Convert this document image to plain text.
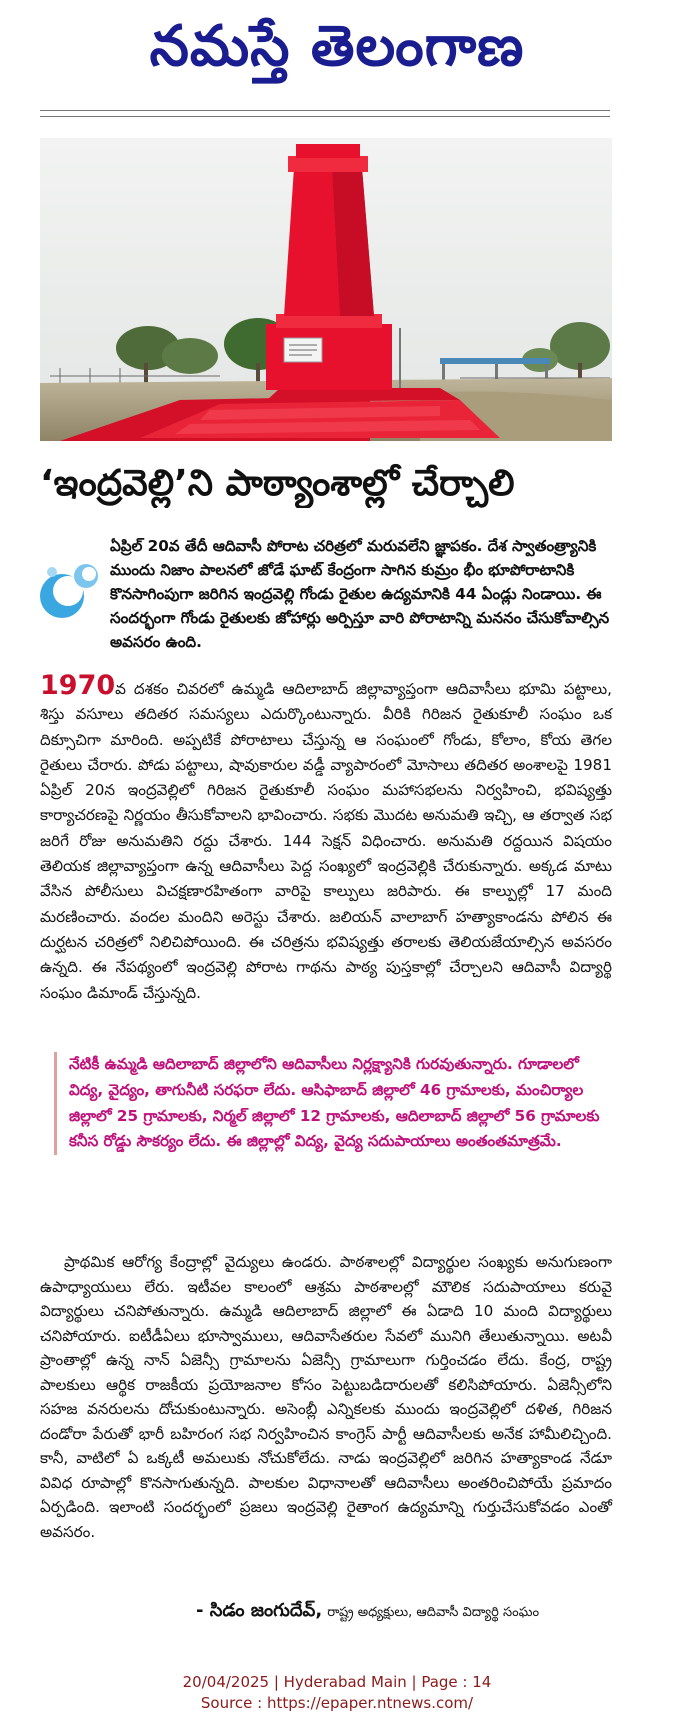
నమస్తే తెలంగాణ
‘ఇంద్రవెల్లి’ని పాఠ్యాంశాల్లో చేర్చాలి

ఏప్రిల్ 20వ తేదీ ఆదివాసీ పోరాట చరిత్రలో మరువలేని జ్ఞాపకం. దేశ స్వాతంత్ర్యానికి ముందు నిజాం పాలనలో జోడే ఘాట్ కేంద్రంగా సాగిన కుమ్రం భీం భూపోరాటానికి కొనసాగింపుగా జరిగిన ఇంద్రవెల్లి గోండు రైతుల ఉద్యమానికి 44 ఏండ్లు నిండాయి. ఈ సందర్భంగా గోండు రైతులకు జోహార్లు అర్పిస్తూ వారి పోరాటాన్ని మననం చేసుకోవాల్సిన అవసరం ఉంది.

1970వ దశకం చివరలో ఉమ్మడి ఆదిలాబాద్ జిల్లావ్యాప్తంగా ఆదివాసీలు భూమి పట్టాలు, శిస్తు వసూలు తదితర సమస్యలు ఎదుర్కొంటున్నారు. వీరికి గిరిజన రైతుకూలీ సంఘం ఒక దిక్సూచిగా మారింది. అప్పటికే పోరాటాలు చేస్తున్న ఆ సంఘంలో గోండు, కోలాం, కోయ తెగల రైతులు చేరారు. పోడు పట్టాలు, షావుకారుల వడ్డీ వ్యాపారంలో మోసాలు తదితర అంశాలపై 1981 ఏప్రిల్ 20న ఇంద్రవెల్లిలో గిరిజన రైతుకూలీ సంఘం మహాసభలను నిర్వహించి, భవిష్యత్తు కార్యాచరణపై నిర్ణయం తీసుకోవాలని భావించారు. సభకు మొదట అనుమతి ఇచ్చి, ఆ తర్వాత సభ జరిగే రోజు అనుమతిని రద్దు చేశారు. 144 సెక్షన్ విధించారు. అనుమతి రద్దయిన విషయం తెలియక జిల్లావ్యాప్తంగా ఉన్న ఆదివాసీలు పెద్ద సంఖ్యలో ఇంద్రవెల్లికి చేరుకున్నారు. అక్కడ మాటు వేసిన పోలీసులు విచక్షణారహితంగా వారిపై కాల్పులు జరిపారు. ఈ కాల్పుల్లో 17 మంది మరణించారు. వందల మందిని అరెస్టు చేశారు. జలియన్ వాలాబాగ్ హత్యాకాండను పోలిన ఈ దుర్ఘటన చరిత్రలో నిలిచిపోయింది. ఈ చరిత్రను భవిష్యత్తు తరాలకు తెలియజేయాల్సిన అవసరం ఉన్నది. ఈ నేపథ్యంలో ఇంద్రవెల్లి పోరాట గాథను పాఠ్య పుస్తకాల్లో చేర్చాలని ఆదివాసీ విద్యార్థి సంఘం డిమాండ్ చేస్తున్నది.

నేటికీ ఉమ్మడి ఆదిలాబాద్ జిల్లాలోని ఆదివాసీలు నిర్లక్ష్యానికి గురవుతున్నారు. గూడాలలో విద్య, వైద్యం, తాగునీటి సరఫరా లేదు. ఆసిఫాబాద్ జిల్లాలో 46 గ్రామాలకు, మంచిర్యాల జిల్లాలో 25 గ్రామాలకు, నిర్మల్ జిల్లాలో 12 గ్రామాలకు, ఆదిలాబాద్ జిల్లాలో 56 గ్రామాలకు కనీస రోడ్డు సౌకర్యం లేదు. ఈ జిల్లాల్లో విద్య, వైద్య సదుపాయాలు అంతంతమాత్రమే.

ప్రాథమిక ఆరోగ్య కేంద్రాల్లో వైద్యులు ఉండరు. పాఠశాలల్లో విద్యార్థుల సంఖ్యకు అనుగుణంగా ఉపాధ్యాయులు లేరు. ఇటీవల కాలంలో ఆశ్రమ పాఠశాలల్లో మౌలిక సదుపాయాలు కరువై విద్యార్థులు చనిపోతున్నారు. ఉమ్మడి ఆదిలాబాద్ జిల్లాలో ఈ ఏడాది 10 మంది విద్యార్థులు చనిపోయారు. ఐటీడీఏలు భూస్వాములు, ఆదివాసేతరుల సేవలో మునిగి తేలుతున్నాయి. అటవీ ప్రాంతాల్లో ఉన్న నాన్ ఏజెన్సీ గ్రామాలను ఏజెన్సీ గ్రామాలుగా గుర్తించడం లేదు. కేంద్ర, రాష్ట్ర పాలకులు ఆర్థిక రాజకీయ ప్రయోజనాల కోసం పెట్టుబడిదారులతో కలిసిపోయారు. ఏజెన్సీలోని సహజ వనరులను దోచుకుంటున్నారు. అసెంబ్లీ ఎన్నికలకు ముందు ఇంద్రవెల్లిలో దళిత, గిరిజన దండోరా పేరుతో భారీ బహిరంగ సభ నిర్వహించిన కాంగ్రెస్ పార్టీ ఆదివాసీలకు అనేక హామీలిచ్చింది. కానీ, వాటిలో ఏ ఒక్కటీ అమలుకు నోచుకోలేదు. నాడు ఇంద్రవెల్లిలో జరిగిన హత్యాకాండ నేడూ వివిధ రూపాల్లో కొనసాగుతున్నది. పాలకుల విధానాలతో ఆదివాసీలు అంతరించిపోయే ప్రమాదం ఏర్పడింది. ఇలాంటి సందర్భంలో ప్రజలు ఇంద్రవెల్లి రైతాంగ ఉద్యమాన్ని గుర్తుచేసుకోవడం ఎంతో అవసరం.

- సిడం జంగుదేవ్, రాష్ట్ర అధ్యక్షులు, ఆదివాసీ విద్యార్థి సంఘం
20/04/2025 | Hyderabad Main | Page : 14
Source : https://epaper.ntnews.com/
